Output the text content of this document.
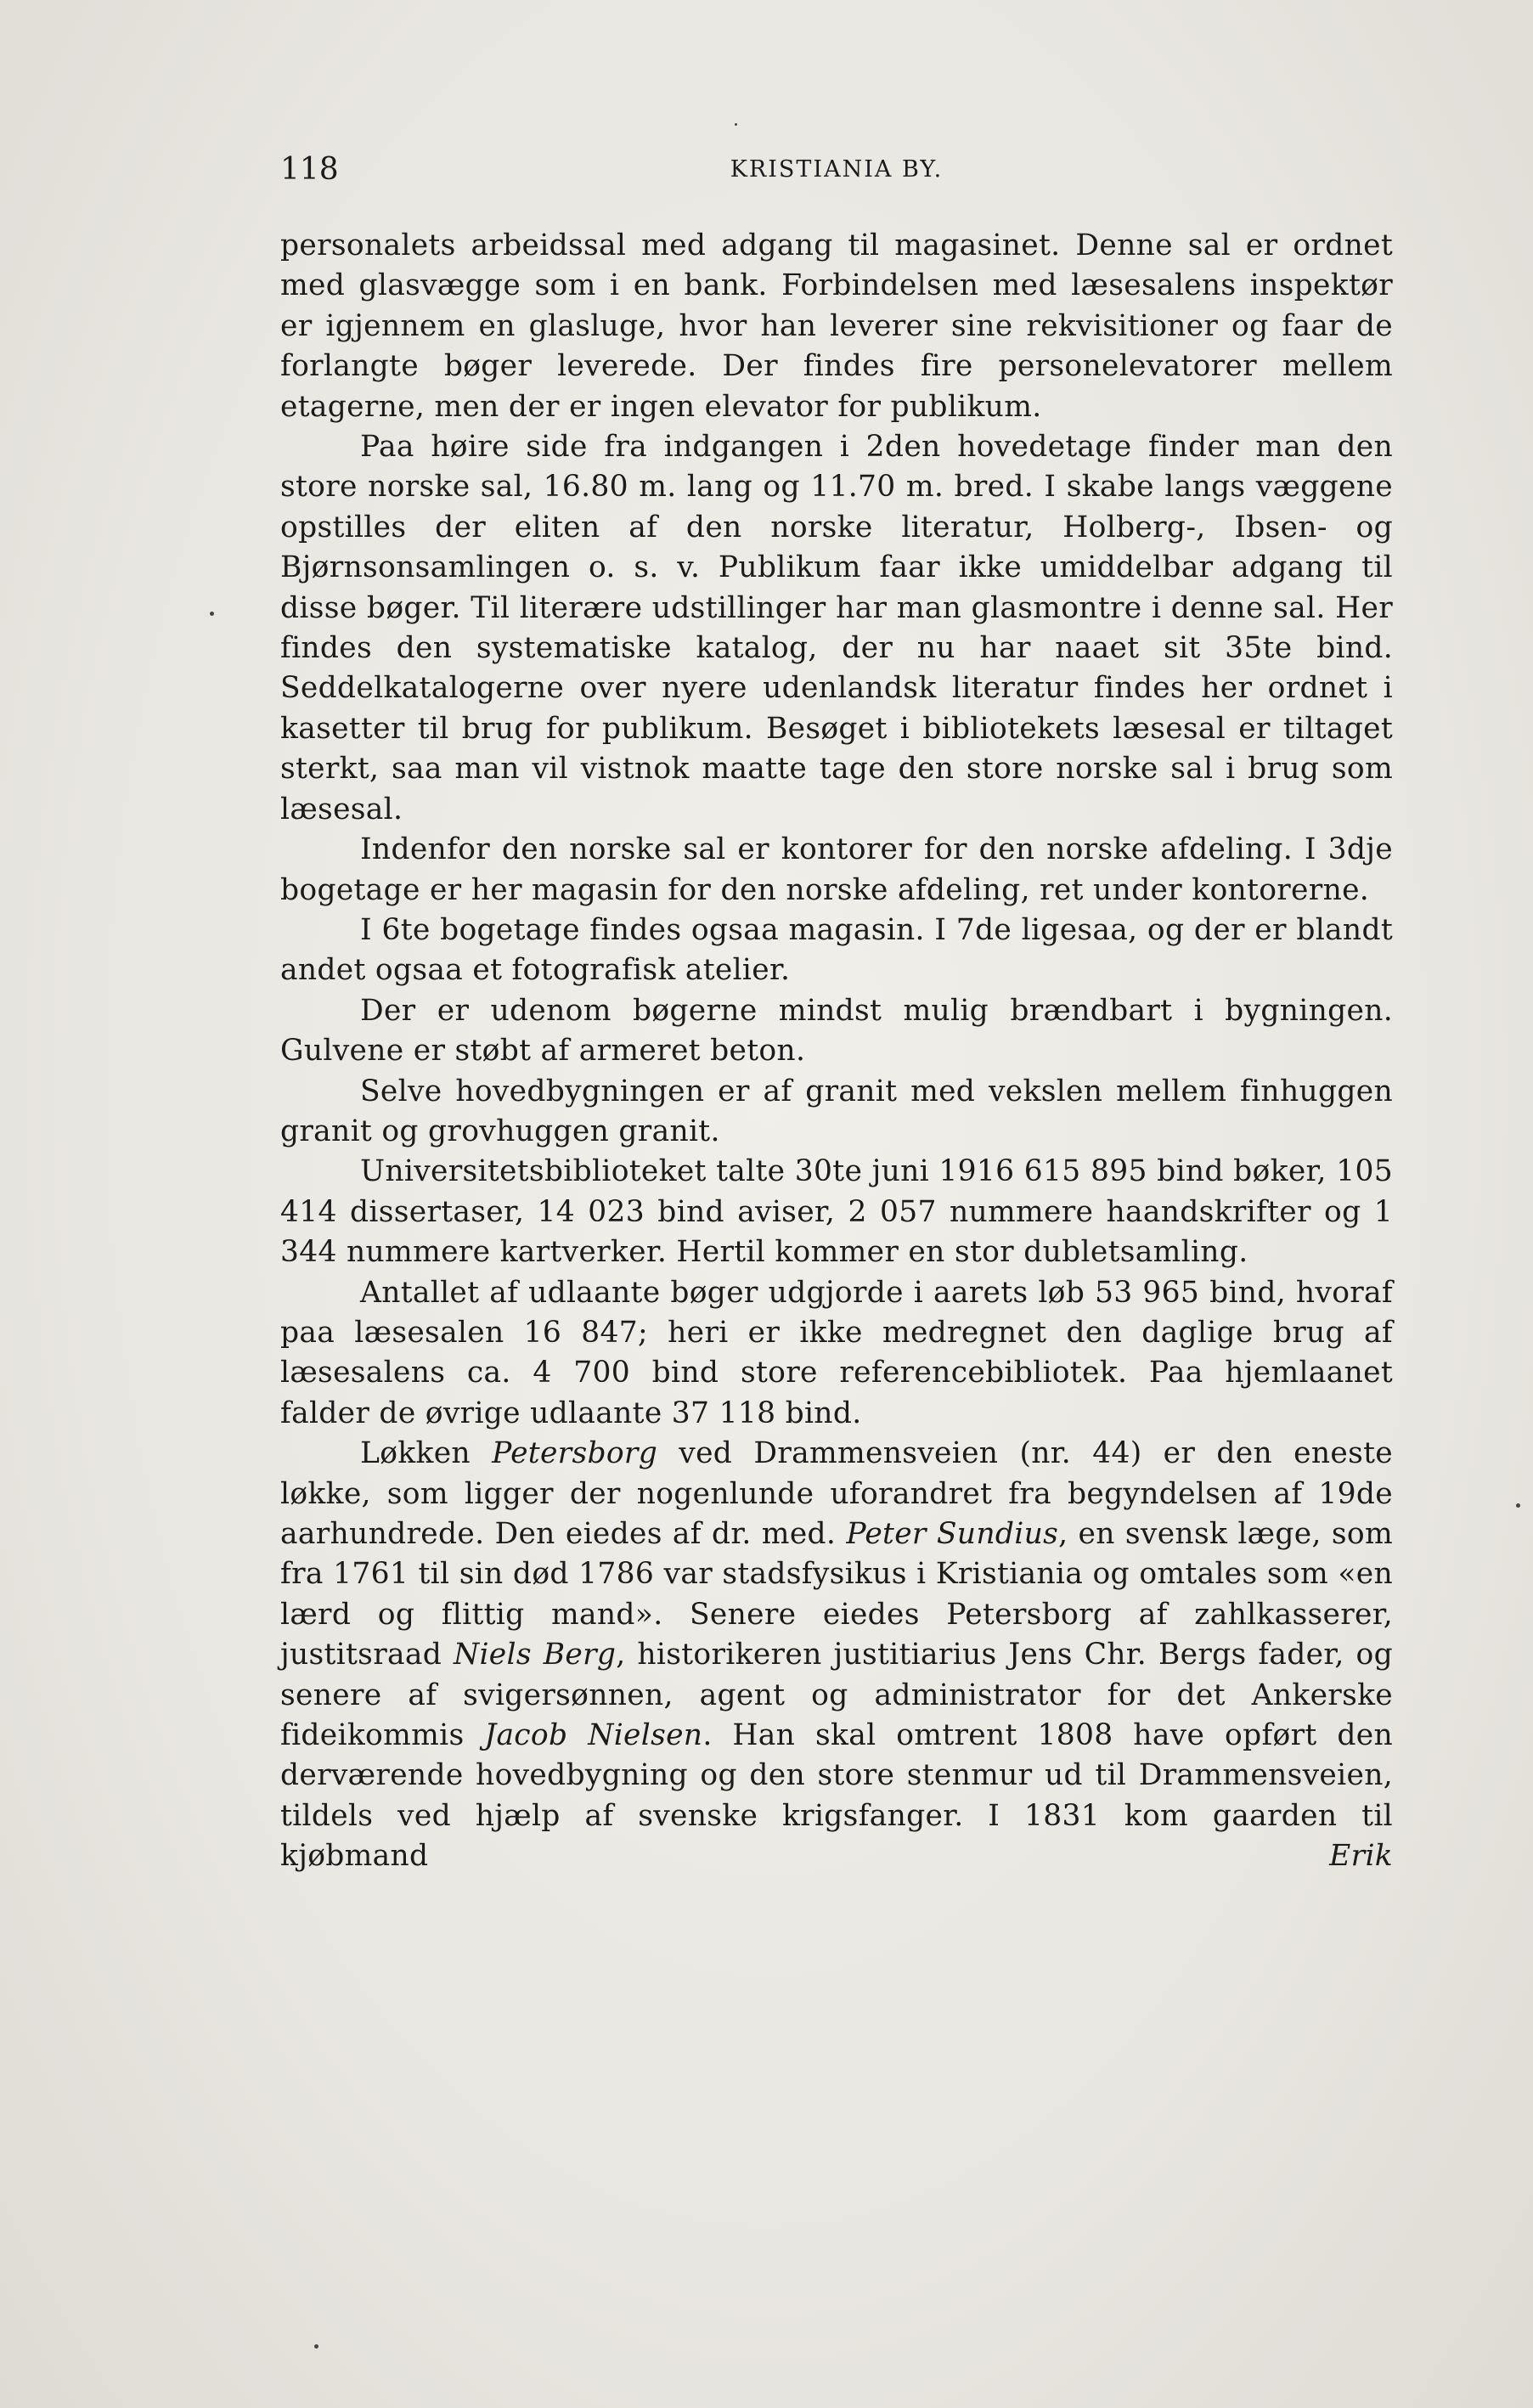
118	KRISTIANIA BY.

personalets arbeidssal med adgang til magasinet. Denne sal er ordnet med glasvægge som i en bank. Forbindelsen med læsesalens inspektør er igjennem en glasluge, hvor han leverer sine rekvisitioner og faar de forlangte bøger leverede. Der findes fire personelevatorer mellem etagerne, men der er ingen elevator for publikum.

Paa høire side fra indgangen i 2den hovedetage finder man den store norske sal, 16.80 m. lang og 11.70 m. bred. I skabe langs væggene opstilles der eliten af den norske literatur, Holberg-, Ibsen- og Bjørnsonsamlingen o. s. v. Publikum faar ikke umiddelbar adgang til disse bøger. Til literære udstillinger har man glasmontre i denne sal. Her findes den systematiske katalog, der nu har naaet sit 35te bind. Seddelkatalogerne over nyere udenlandsk literatur findes her ordnet i kasetter til brug for publikum. Besøget i bibliotekets læsesal er tiltaget sterkt, saa man vil vistnok maatte tage den store norske sal i brug som læsesal.

Indenfor den norske sal er kontorer for den norske afdeling. I 3dje bogetage er her magasin for den norske afdeling, ret under kontorerne.

I 6te bogetage findes ogsaa magasin. I 7de ligesaa, og der er blandt andet ogsaa et fotografisk atelier.

Der er udenom bøgerne mindst mulig brændbart i bygningen. Gulvene er støbt af armeret beton.

Selve hovedbygningen er af granit med vekslen mellem finhuggen granit og grovhuggen granit.

Universitetsbiblioteket talte 30te juni 1916 615 895 bind bøker, 105 414 dissertaser, 14 023 bind aviser, 2 057 nummere haandskrifter og 1 344 nummere kartverker. Hertil kommer en stor dubletsamling.

Antallet af udlaante bøger udgjorde i aarets løb 53 965 bind, hvoraf paa læsesalen 16 847; heri er ikke medregnet den daglige brug af læsesalens ca. 4 700 bind store referencebibliotek. Paa hjemlaanet falder de øvrige udlaante 37 118 bind.

Løkken Petersborg ved Drammensveien (nr. 44) er den eneste løkke, som ligger der nogenlunde uforandret fra begyndelsen af 19de aarhundrede. Den eiedes af dr. med. Peter Sundius, en svensk læge, som fra 1761 til sin død 1786 var stadsfysikus i Kristiania og omtales som «en lærd og flittig mand». Senere eiedes Petersborg af zahlkasserer, justitsraad Niels Berg, historikeren justitiarius Jens Chr. Bergs fader, og senere af svigersønnen, agent og administrator for det Ankerske fideikommis Jacob Nielsen. Han skal omtrent 1808 have opført den derværende hovedbygning og den store stenmur ud til Drammensveien, tildels ved hjælp af svenske krigsfanger. I 1831 kom gaarden til kjøbmand Erik
